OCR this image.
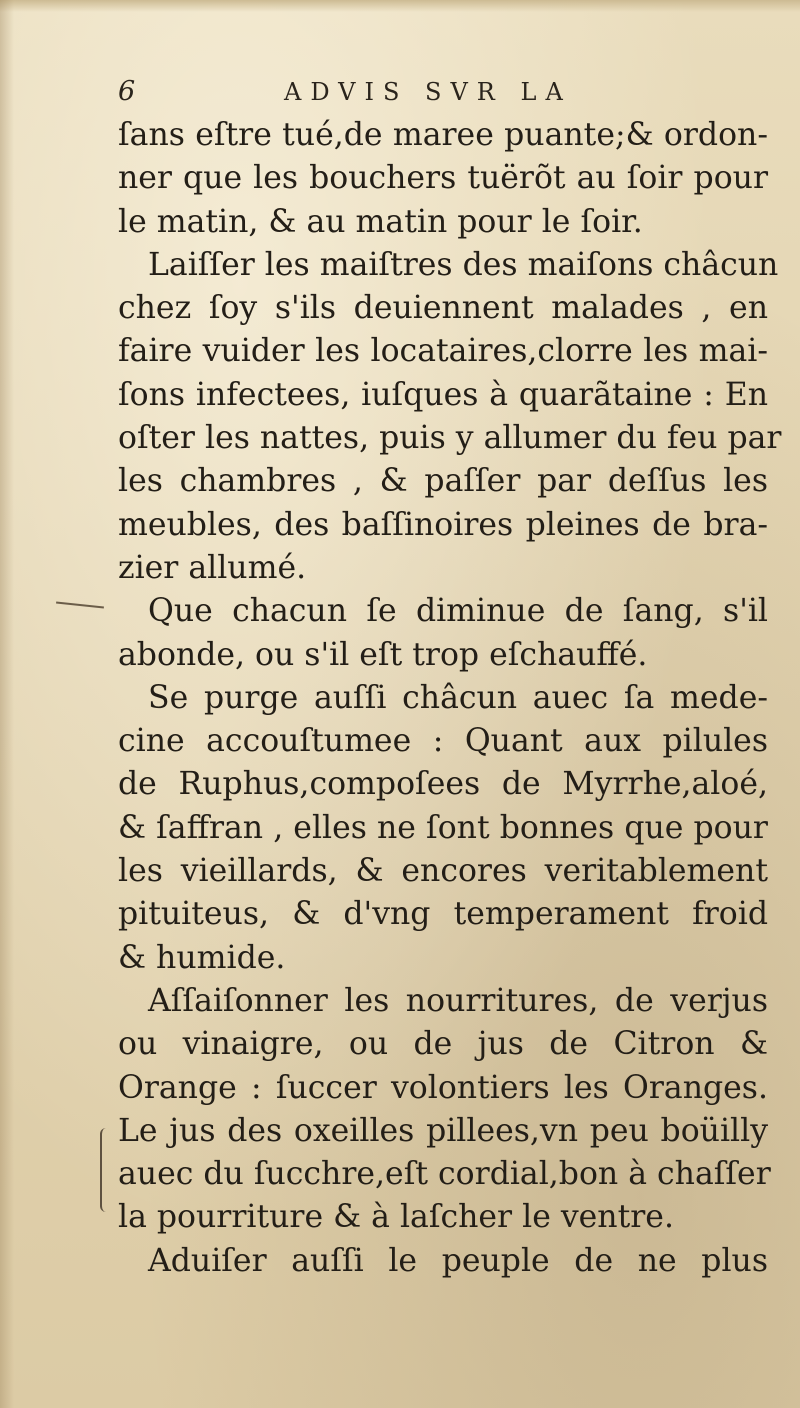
6	ADVIS SVR LA
ſans eſtre tué,de maree puante;& ordon-
ner que les bouchers tuërõt au ſoir pour
le matin, & au matin pour le ſoir.
Laiſſer les maiſtres des maiſons châcun
chez ſoy s'ils deuiennent malades , en
faire vuider les locataires,clorre les mai-
ſons infectees, iuſques à quarãtaine : En
oſter les nattes, puis y allumer du feu par
les chambres , & paſſer par deſſus les
meubles, des baſſinoires pleines de bra-
zier allumé.
Que chacun ſe diminue de ſang, s'il
abonde, ou s'il eſt trop eſchauffé.
Se purge auſſi châcun auec ſa mede-
cine accouſtumee : Quant aux pilules
de Ruphus,compoſees de Myrrhe,aloé,
& ſaffran , elles ne ſont bonnes que pour
les vieillards, & encores veritablement
pituiteus, & d'vng temperament froid
& humide.
Aſſaiſonner les nourritures, de verjus
ou vinaigre, ou de jus de Citron &
Orange : ſuccer volontiers les Oranges.
Le jus des oxeilles pillees,vn peu boüilly
auec du ſucchre,eſt cordial,bon à chaſſer
la pourriture & à laſcher le ventre.
Aduiſer auſſi le peuple de ne plus
